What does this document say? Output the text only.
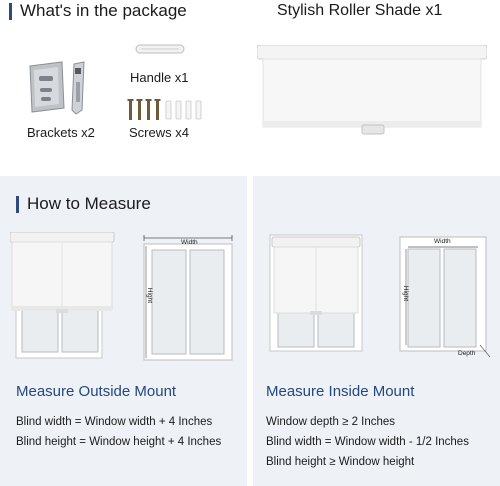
What's in the package	Stylish Roller Shade x1
Brackets x2
Handle x1
Screws x4
How to Measure
Width
Hight
Width
Hight
Depth
Measure Outside Mount
Blind width = Window width + 4 Inches
Blind height = Window height + 4 Inches
Measure Inside Mount
Window depth ≥ 2 Inches
Blind width = Window width - 1/2 Inches
Blind height ≥ Window height
